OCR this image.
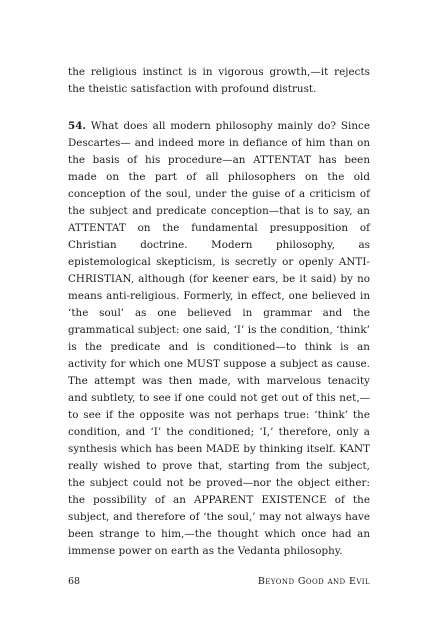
the religious instinct is in vigorous growth,—it rejects the theistic satisfaction with profound distrust.

54. What does all modern philosophy mainly do? Since Descartes— and indeed more in defiance of him than on the basis of his procedure—an ATTENTAT has been made on the part of all philosophers on the old conception of the soul, under the guise of a criticism of the subject and predicate conception—that is to say, an ATTENTAT on the fundamental presupposition of Christian doctrine. Modern philosophy, as epistemological skepticism, is secretly or openly ANTI-CHRISTIAN, although (for keener ears, be it said) by no means anti-religious. Formerly, in effect, one believed in ‘the soul’ as one believed in grammar and the grammatical subject: one said, ‘I’ is the condition, ‘think’ is the predicate and is conditioned—to think is an activity for which one MUST suppose a subject as cause. The attempt was then made, with marvelous tenacity and subtlety, to see if one could not get out of this net,—to see if the opposite was not perhaps true: ‘think’ the condition, and ‘I’ the conditioned; ‘I,’ therefore, only a synthesis which has been MADE by thinking itself. KANT really wished to prove that, starting from the subject, the subject could not be proved—nor the object either: the possibility of an APPARENT EXISTENCE of the subject, and therefore of ‘the soul,’ may not always have been strange to him,—the thought which once had an immense power on earth as the Vedanta philosophy.

68	Beyond Good and Evil
